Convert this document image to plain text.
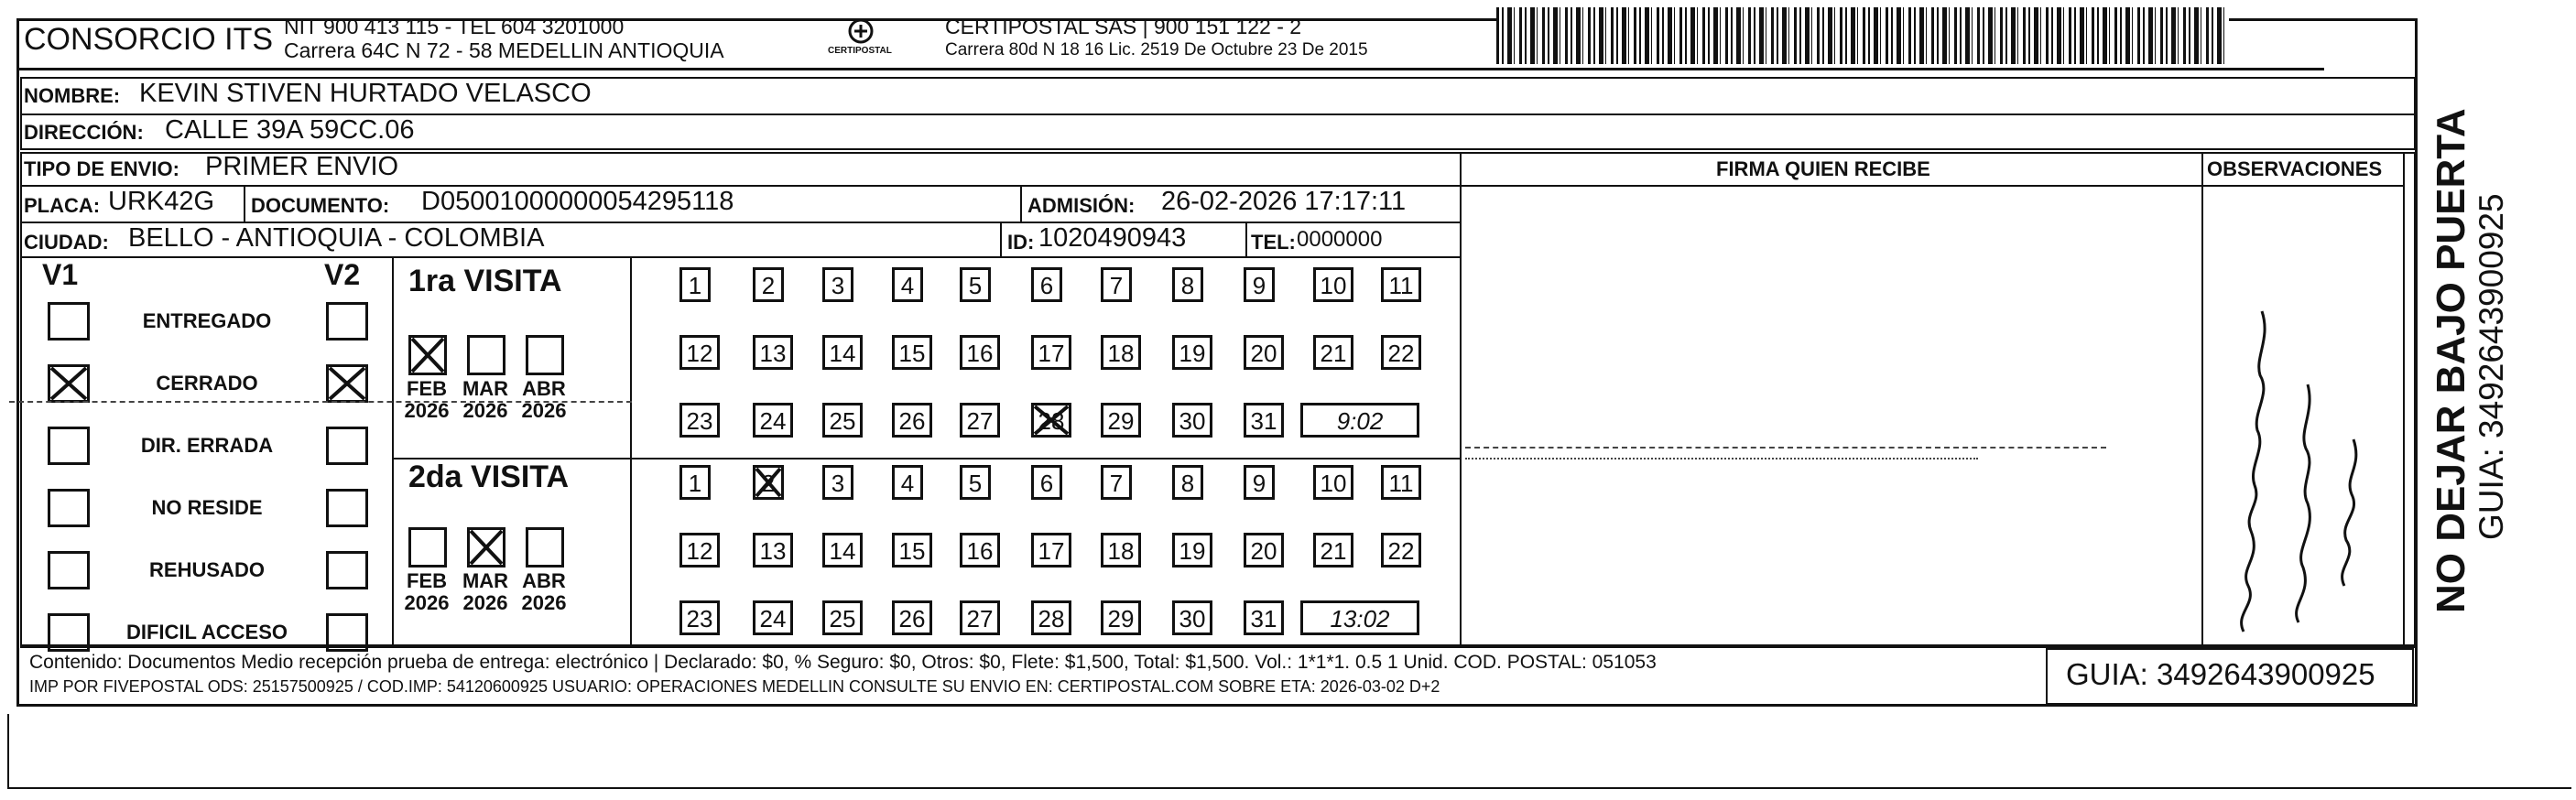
CONSORCIO ITS NIT 900 413 115 - TEL 604 3201000
Carrera 64C N 72 - 58 MEDELLIN ANTIOQUIA	CERTIPOSTAL
CERTIPOSTAL SAS | 900 151 122 - 2
Carrera 80d N 18 16 Lic. 2519 De Octubre 23 De 2015
NOMBRE: KEVIN STIVEN HURTADO VELASCO
DIRECCIÓN: CALLE 39A 59CC.06
TIPO DE ENVIO: PRIMER ENVIO	FIRMA QUIEN RECIBE	OBSERVACIONES
PLACA: URK42G DOCUMENTO: D05001000000054295118	ADMISIÓN: 26-02-2026 17:17:11
CIUDAD: BELLO - ANTIOQUIA - COLOMBIA	ID: 1020490943	TEL: 0000000
V1	V2
ENTREGADO
CERRADO
DIR. ERRADA
NO RESIDE
REHUSADO
DIFICIL ACCESO
1ra VISITA
FEB
2026
MAR
2026
ABR
2026
1	2	3	4	5	6	7	8	9	10	11
12 13 14 15 16 17 18 19 20 21 22
23 24 25 26 27 28 29 30 31	9:02
2da VISITA
FEB
2026
MAR
2026
ABR
2026
1	2	3	4	5	6	7	8	9	10	11
12 13 14 15 16 17 18 19 20 21 22
23 24 25 26 27 28 29 30 31	13:02
Puerta negra / Portón arriba / y casa
Contenido: Documentos Medio recepción prueba de entrega: electrónico | Declarado: $0, % Seguro: $0, Otros: $0, Flete: $1,500, Total: $1,500. Vol.: 1*1*1. 0.5 1 Unid. COD. POSTAL: 051053
IMP POR FIVEPOSTAL ODS: 25157500925 / COD.IMP: 54120600925 USUARIO: OPERACIONES MEDELLIN CONSULTE SU ENVIO EN: CERTIPOSTAL.COM SOBRE ETA: 2026-03-02 D+2	GUIA: 3492643900925
NO DEJAR BAJO PUERTA GUIA: 3492643900925
